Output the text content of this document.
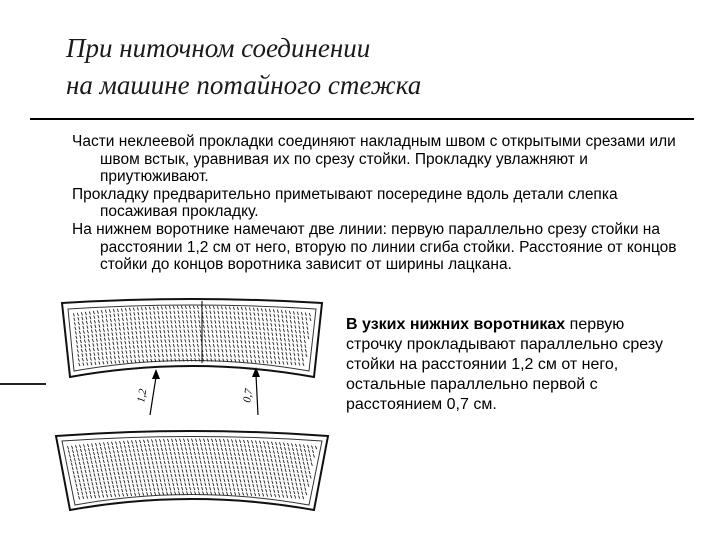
При ниточном соединении
на машине потайного стежка

Части неклеевой прокладки соединяют накладным швом с открытыми срезами или швом встык, уравнивая их по срезу стойки. Прокладку увлажняют и приутюживают.

Прокладку предварительно приметывают посередине вдоль детали слепка посаживая прокладку.

На нижнем воротнике намечают две линии: первую параллельно срезу стойки на расстоянии 1,2 см от него, вторую по линии сгиба стойки. Расстояние от концов стойки до концов воротника зависит от ширины лацкана.

1,2	0,7
В узких нижних воротниках первую строчку прокладывают параллельно срезу стойки на расстоянии 1,2 см от него, остальные параллельно первой с расстоянием 0,7 см.
